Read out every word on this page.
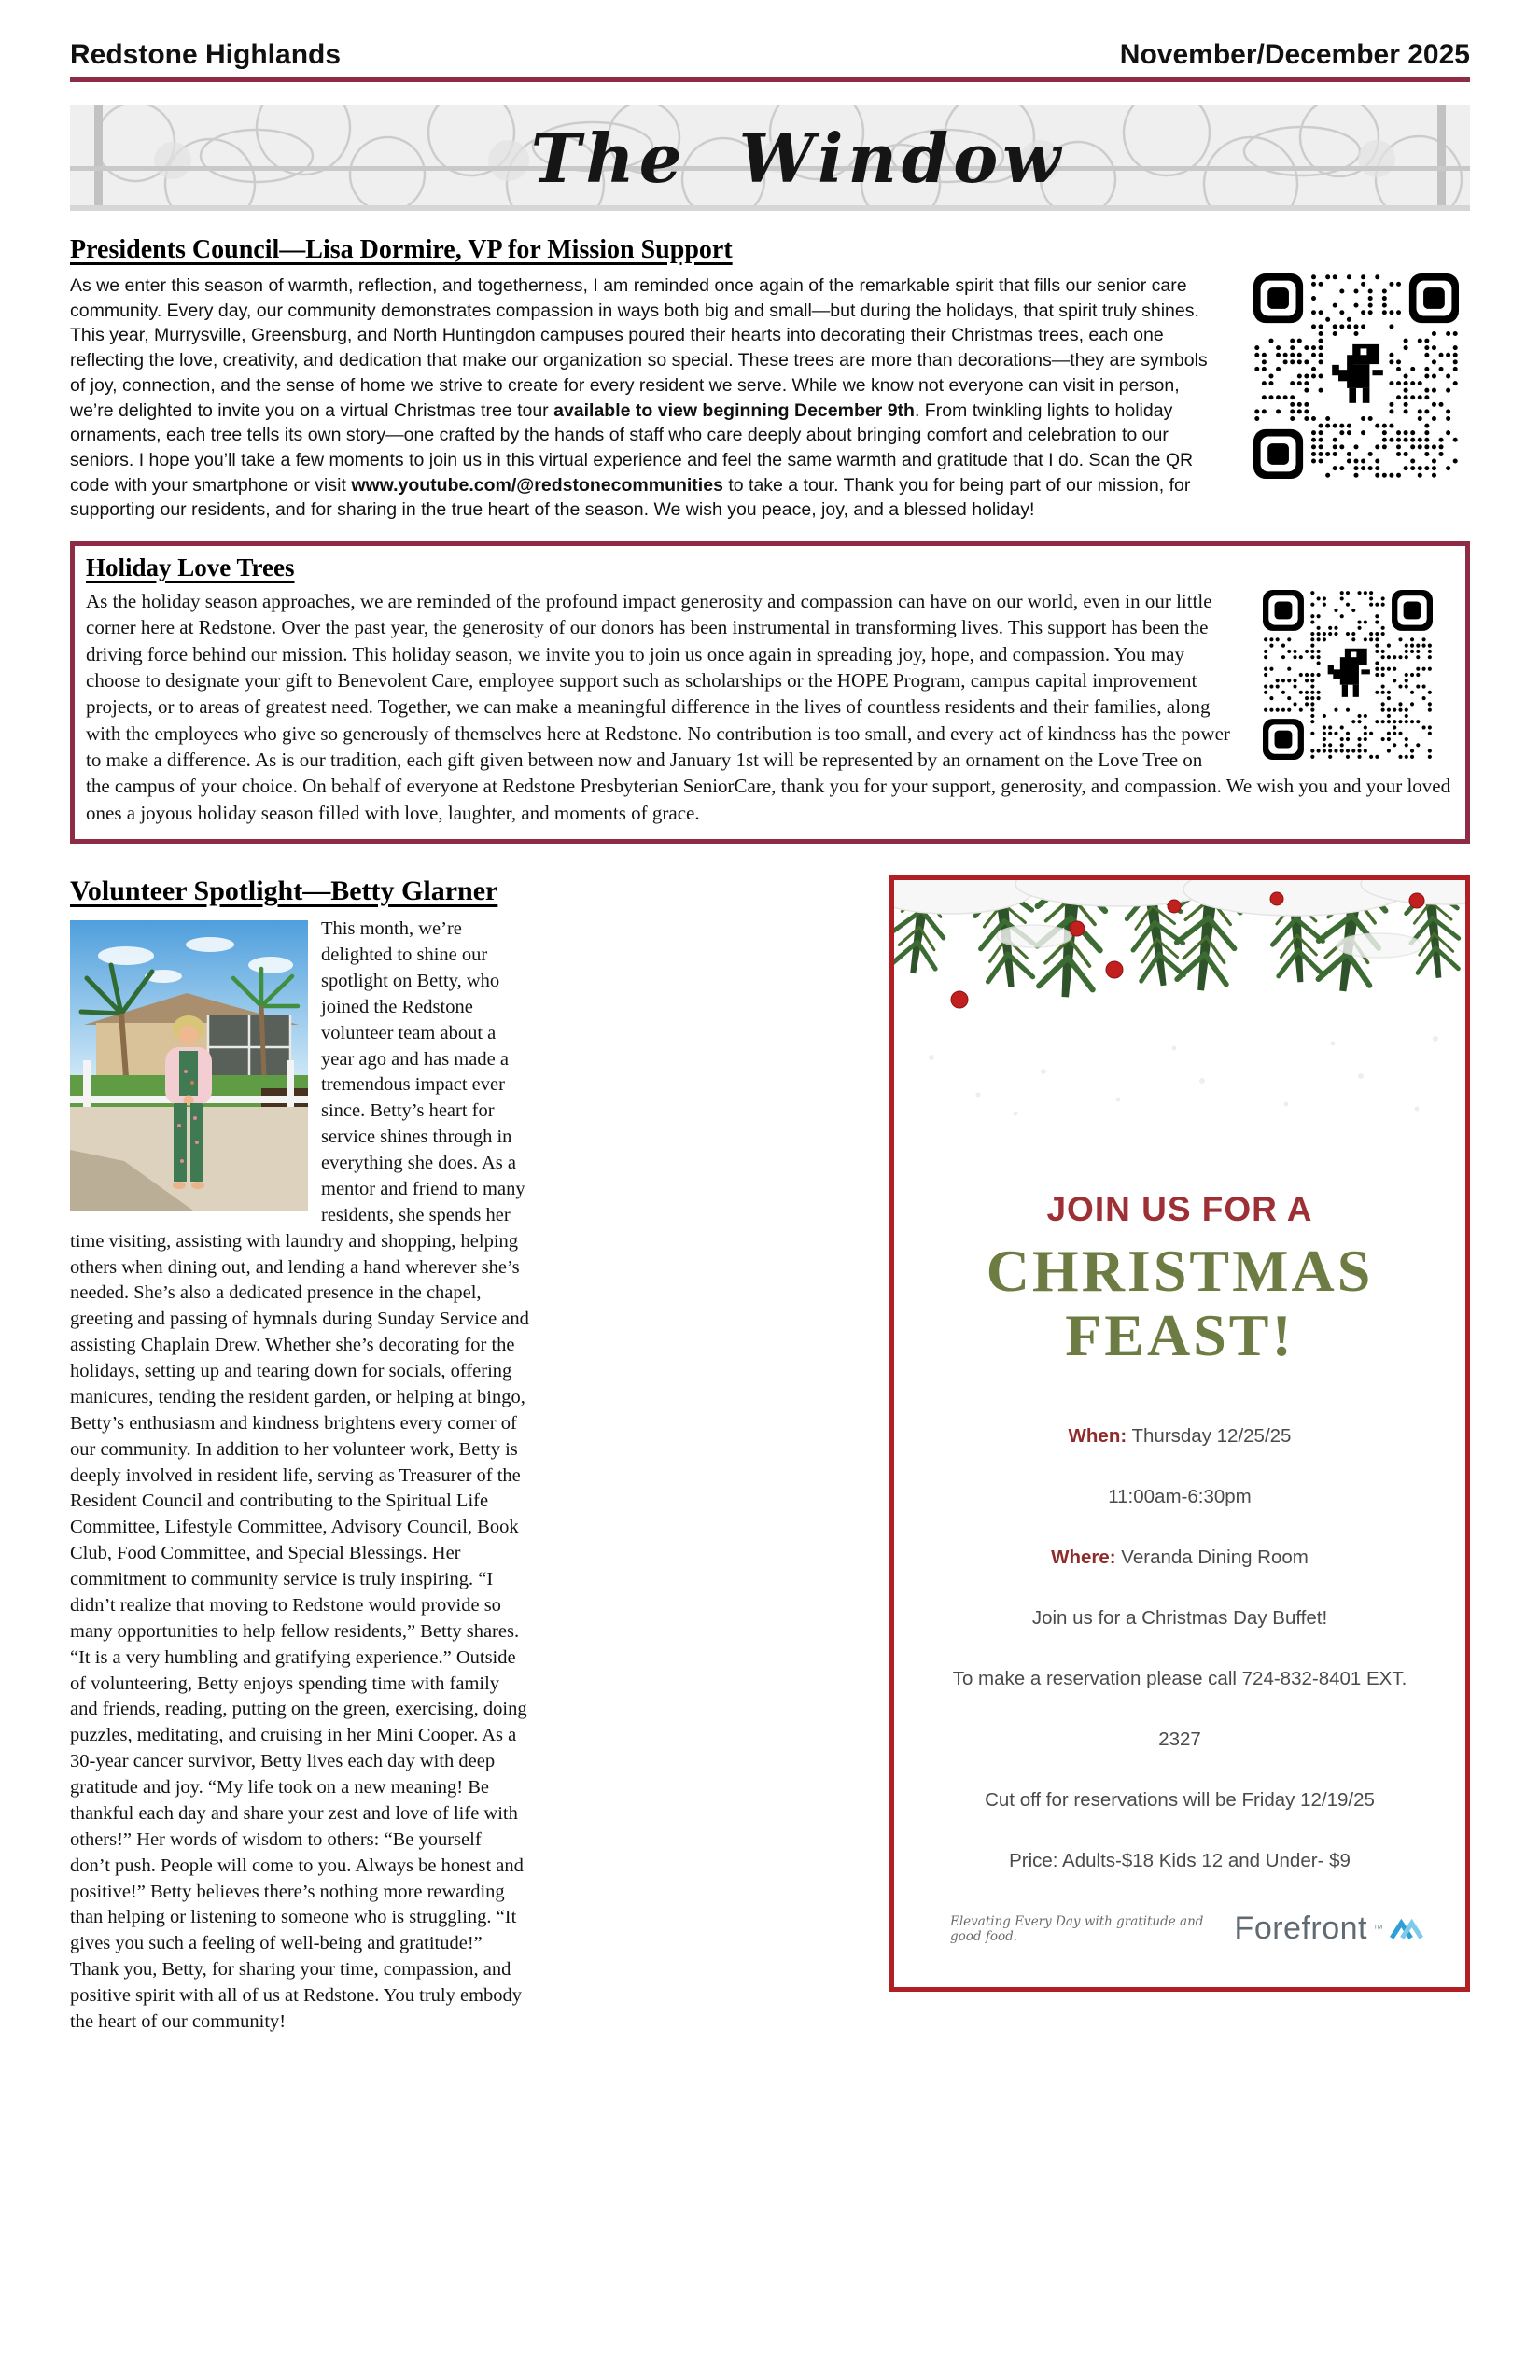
Redstone Highlands	November/December 2025
The Window
Presidents Council—Lisa Dormire, VP for Mission Support
As we enter this season of warmth, reflection, and togetherness, I am reminded once again of the remarkable spirit that fills our senior care community. Every day, our community demonstrates compassion in ways both big and small—but during the holidays, that spirit truly shines. This year, Murrysville, Greensburg, and North Huntingdon campuses poured their hearts into decorating their Christmas trees, each one reflecting the love, creativity, and dedication that make our organization so special. These trees are more than decorations—they are symbols of joy, connection, and the sense of home we strive to create for every resident we serve. While we know not everyone can visit in person, we’re delighted to invite you on a virtual Christmas tree tour available to view beginning December 9th. From twinkling lights to holiday ornaments, each tree tells its own story—one crafted by the hands of staff who care deeply about bringing comfort and celebration to our seniors. I hope you’ll take a few moments to join us in this virtual experience and feel the same warmth and gratitude that I do. Scan the QR code with your smartphone or visit www.youtube.com/@redstonecommunities to take a tour. Thank you for being part of our mission, for supporting our residents, and for sharing in the true heart of the season. We wish you peace, joy, and a blessed holiday!
Holiday Love Trees
As the holiday season approaches, we are reminded of the profound impact generosity and compassion can have on our world, even in our little corner here at Redstone. Over the past year, the generosity of our donors has been instrumental in transforming lives. This support has been the driving force behind our mission. This holiday season, we invite you to join us once again in spreading joy, hope, and compassion. You may choose to designate your gift to Benevolent Care, employee support such as scholarships or the HOPE Program, campus capital improvement projects, or to areas of greatest need. Together, we can make a meaningful difference in the lives of countless residents and their families, along with the employees who give so generously of themselves here at Redstone. No contribution is too small, and every act of kindness has the power to make a difference. As is our tradition, each gift given between now and January 1st will be represented by an ornament on the Love Tree on the campus of your choice. On behalf of everyone at Redstone Presbyterian SeniorCare, thank you for your support, generosity, and compassion. We wish you and your loved ones a joyous holiday season filled with love, laughter, and moments of grace.
Volunteer Spotlight—Betty Glarner
This month, we’re delighted to shine our spotlight on Betty, who joined the Redstone volunteer team about a year ago and has made a tremendous impact ever since. Betty’s heart for service shines through in everything she does. As a mentor and friend to many residents, she spends her time visiting, assisting with laundry and shopping, helping others when dining out, and lending a hand wherever she’s needed. She’s also a dedicated presence in the chapel, greeting and passing of hymnals during Sunday Service and assisting Chaplain Drew. Whether she’s decorating for the holidays, setting up and tearing down for socials, offering manicures, tending the resident garden, or helping at bingo, Betty’s enthusiasm and kindness brightens every corner of our community. In addition to her volunteer work, Betty is deeply involved in resident life, serving as Treasurer of the Resident Council and contributing to the Spiritual Life Committee, Lifestyle Committee, Advisory Council, Book Club, Food Committee, and Special Blessings. Her commitment to community service is truly inspiring. “I didn’t realize that moving to Redstone would provide so many opportunities to help fellow residents,” Betty shares. “It is a very humbling and gratifying experience.” Outside of volunteering, Betty enjoys spending time with family and friends, reading, putting on the green, exercising, doing puzzles, meditating, and cruising in her Mini Cooper. As a 30-year cancer survivor, Betty lives each day with deep gratitude and joy. “My life took on a new meaning! Be thankful each day and share your zest and love of life with others!” Her words of wisdom to others: “Be yourself—don’t push. People will come to you. Always be honest and positive!” Betty believes there’s nothing more rewarding than helping or listening to someone who is struggling. “It gives you such a feeling of well-being and gratitude!” Thank you, Betty, for sharing your time, compassion, and positive spirit with all of us at Redstone. You truly embody the heart of our community!
JOIN US FOR A
CHRISTMAS
FEAST!
When: Thursday 12/25/25
11:00am-6:30pm
Where: Veranda Dining Room
Join us for a Christmas Day Buffet!
To make a reservation please call 724-832-8401 EXT.
2327
Cut off for reservations will be Friday 12/19/25
Price: Adults-$18 Kids 12 and Under- $9
Elevating Every Day with gratitude and good food.	Forefront ™
